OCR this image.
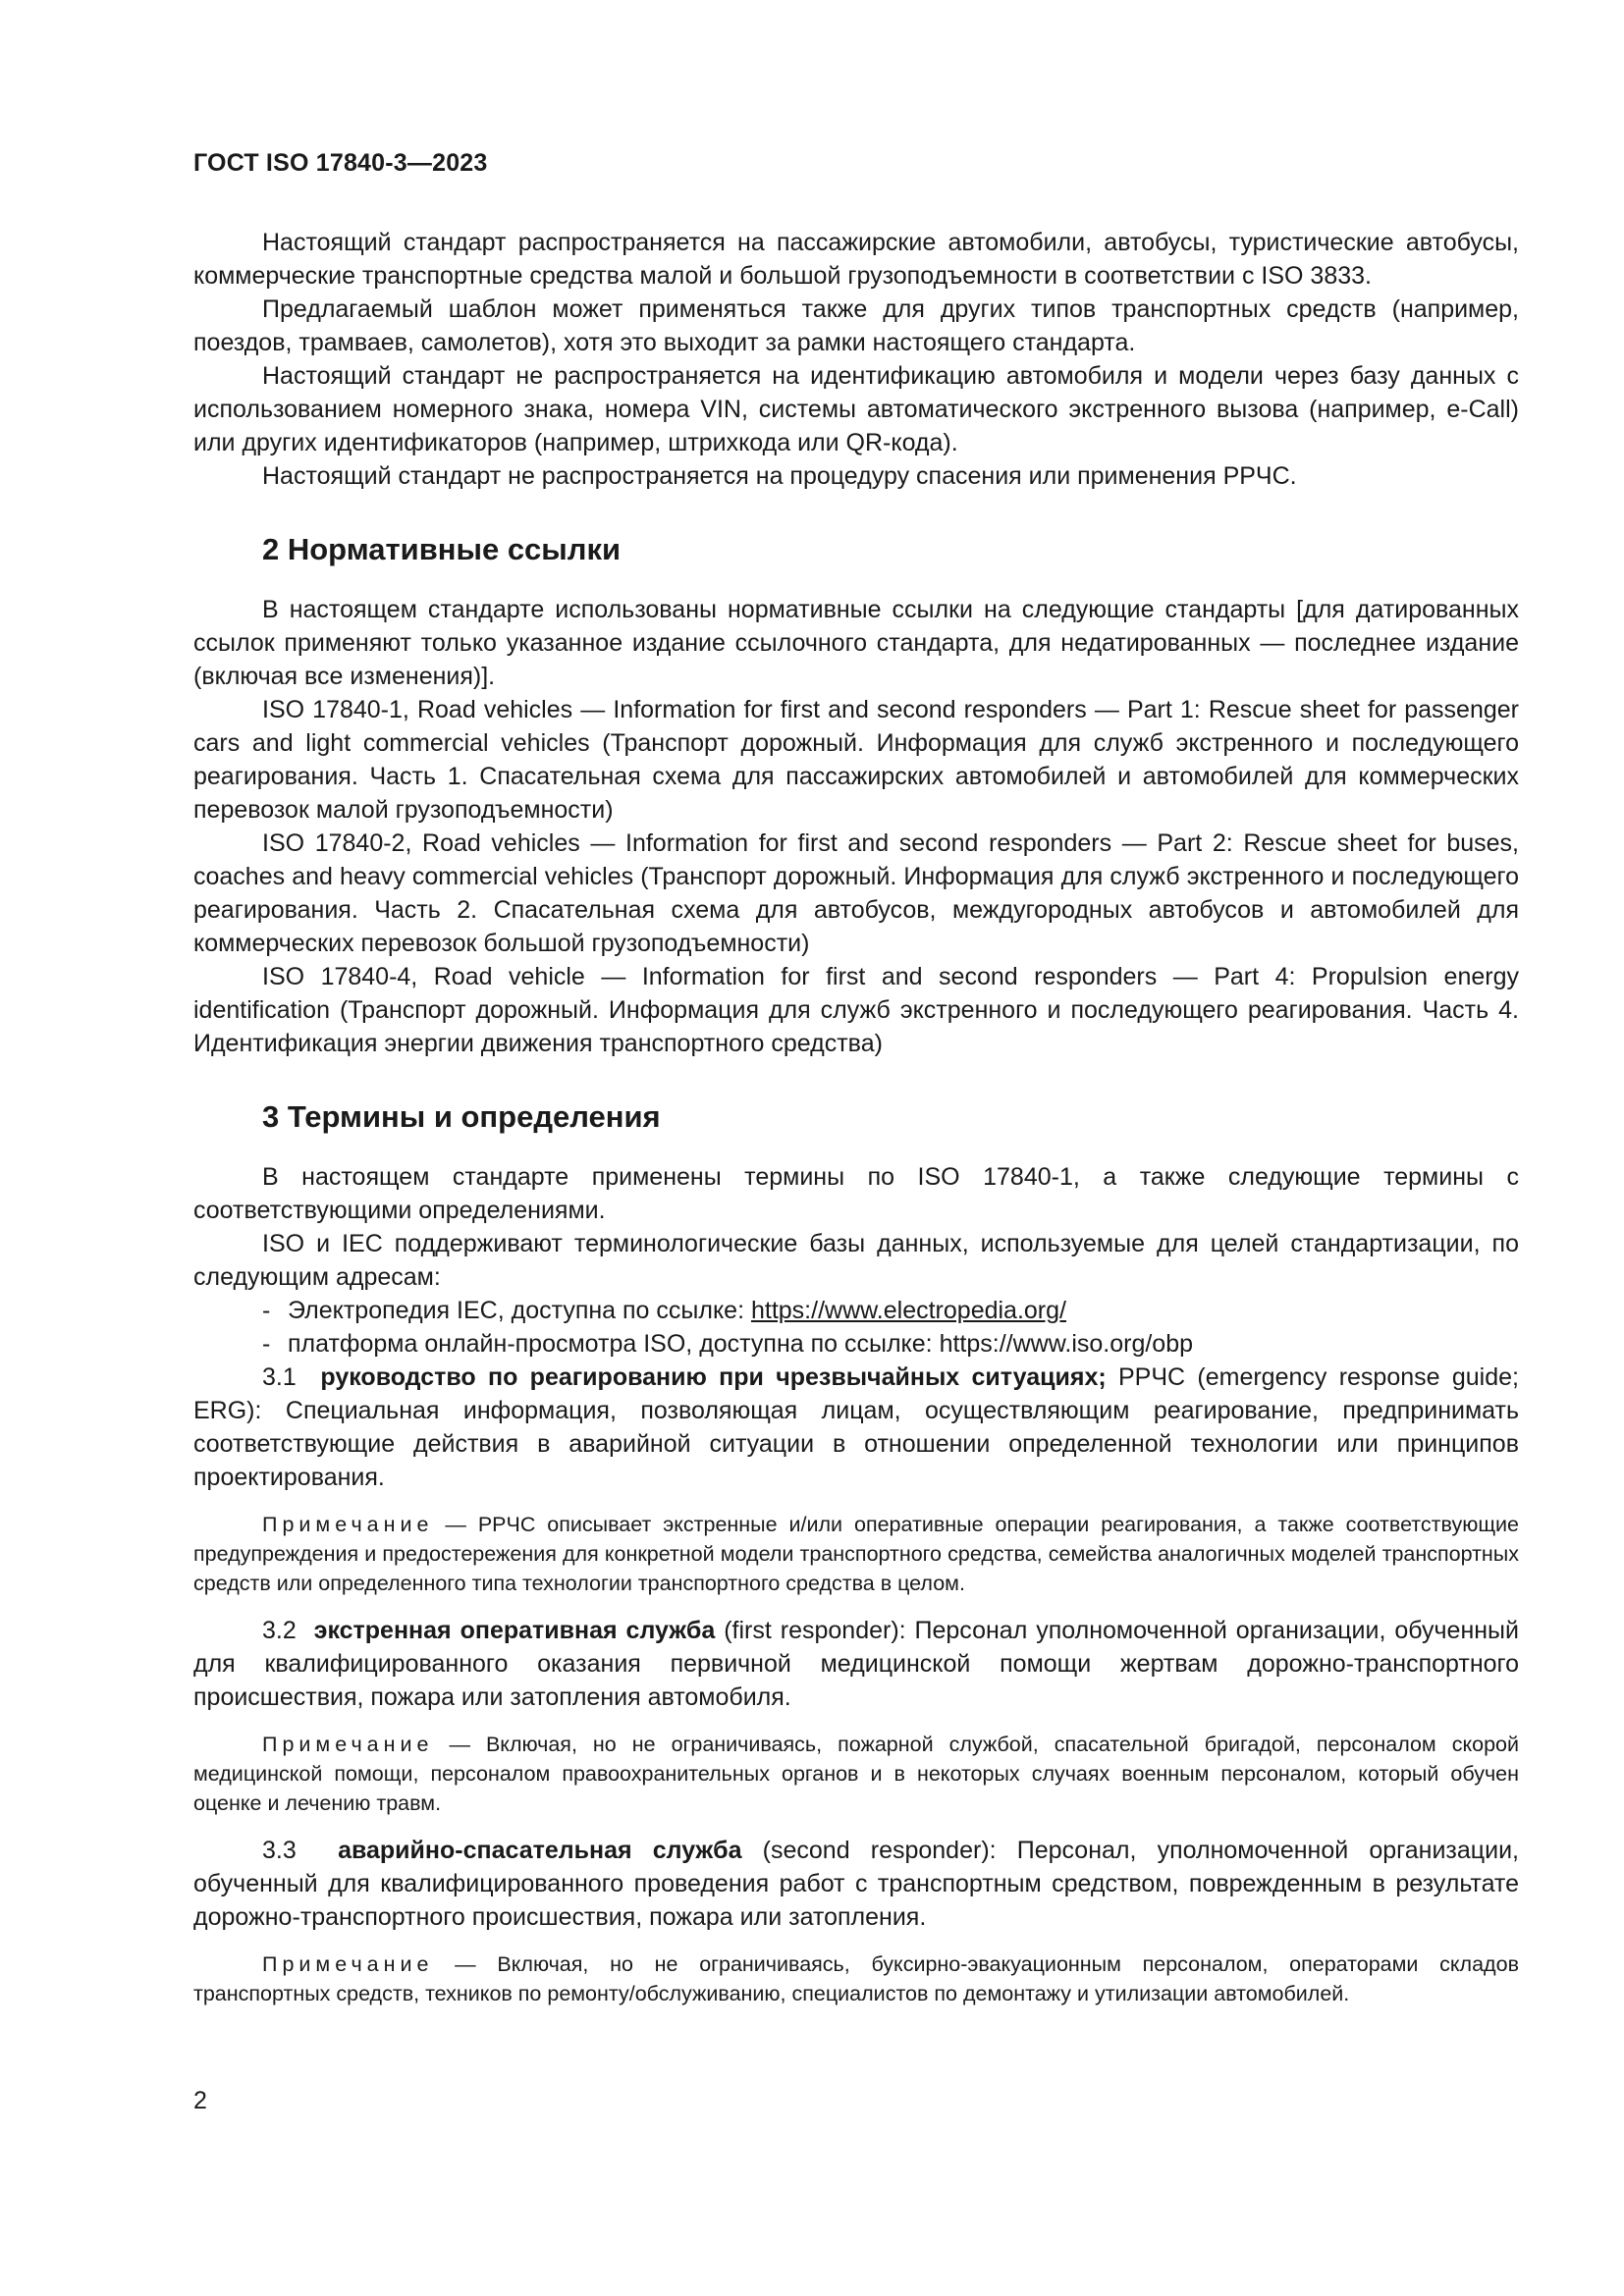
ГОСТ ISO 17840-3—2023

Настоящий стандарт распространяется на пассажирские автомобили, автобусы, туристические автобусы, коммерческие транспортные средства малой и большой грузоподъемности в соответствии с ISO 3833.

Предлагаемый шаблон может применяться также для других типов транспортных средств (например, поездов, трамваев, самолетов), хотя это выходит за рамки настоящего стандарта.

Настоящий стандарт не распространяется на идентификацию автомобиля и модели через базу данных с использованием номерного знака, номера VIN, системы автоматического экстренного вызова (например, e-Call) или других идентификаторов (например, штрихкода или QR-кода).

Настоящий стандарт не распространяется на процедуру спасения или применения РРЧС.

2 Нормативные ссылки

В настоящем стандарте использованы нормативные ссылки на следующие стандарты [для датированных ссылок применяют только указанное издание ссылочного стандарта, для недатированных — последнее издание (включая все изменения)].

ISO 17840-1, Road vehicles — Information for first and second responders — Part 1: Rescue sheet for passenger cars and light commercial vehicles (Транспорт дорожный. Информация для служб экстренного и последующего реагирования. Часть 1. Спасательная схема для пассажирских автомобилей и автомобилей для коммерческих перевозок малой грузоподъемности)

ISO 17840-2, Road vehicles — Information for first and second responders — Part 2: Rescue sheet for buses, coaches and heavy commercial vehicles (Транспорт дорожный. Информация для служб экстренного и последующего реагирования. Часть 2. Спасательная схема для автобусов, междугородных автобусов и автомобилей для коммерческих перевозок большой грузоподъемности)

ISO 17840-4, Road vehicle — Information for first and second responders — Part 4: Propulsion energy identification (Транспорт дорожный. Информация для служб экстренного и последующего реагирования. Часть 4. Идентификация энергии движения транспортного средства)

3 Термины и определения

В настоящем стандарте применены термины по ISO 17840-1, а также следующие термины с соответствующими определениями.

ISO и IEC поддерживают терминологические базы данных, используемые для целей стандартизации, по следующим адресам:

- Электропедия IEC, доступна по ссылке: https://www.electropedia.org/
- платформа онлайн-просмотра ISO, доступна по ссылке: https://www.iso.org/obp

3.1 руководство по реагированию при чрезвычайных ситуациях; РРЧС (emergency response guide; ERG): Специальная информация, позволяющая лицам, осуществляющим реагирование, предпринимать соответствующие действия в аварийной ситуации в отношении определенной технологии или принципов проектирования.

Примечание — РРЧС описывает экстренные и/или оперативные операции реагирования, а также соответствующие предупреждения и предостережения для конкретной модели транспортного средства, семейства аналогичных моделей транспортных средств или определенного типа технологии транспортного средства в целом.

3.2 экстренная оперативная служба (first responder): Персонал уполномоченной организации, обученный для квалифицированного оказания первичной медицинской помощи жертвам дорожно-транспортного происшествия, пожара или затопления автомобиля.

Примечание — Включая, но не ограничиваясь, пожарной службой, спасательной бригадой, персоналом скорой медицинской помощи, персоналом правоохранительных органов и в некоторых случаях военным персоналом, который обучен оценке и лечению травм.

3.3 аварийно-спасательная служба (second responder): Персонал, уполномоченной организации, обученный для квалифицированного проведения работ с транспортным средством, поврежденным в результате дорожно-транспортного происшествия, пожара или затопления.

Примечание — Включая, но не ограничиваясь, буксирно-эвакуационным персоналом, операторами складов транспортных средств, техников по ремонту/обслуживанию, специалистов по демонтажу и утилизации автомобилей.
2
